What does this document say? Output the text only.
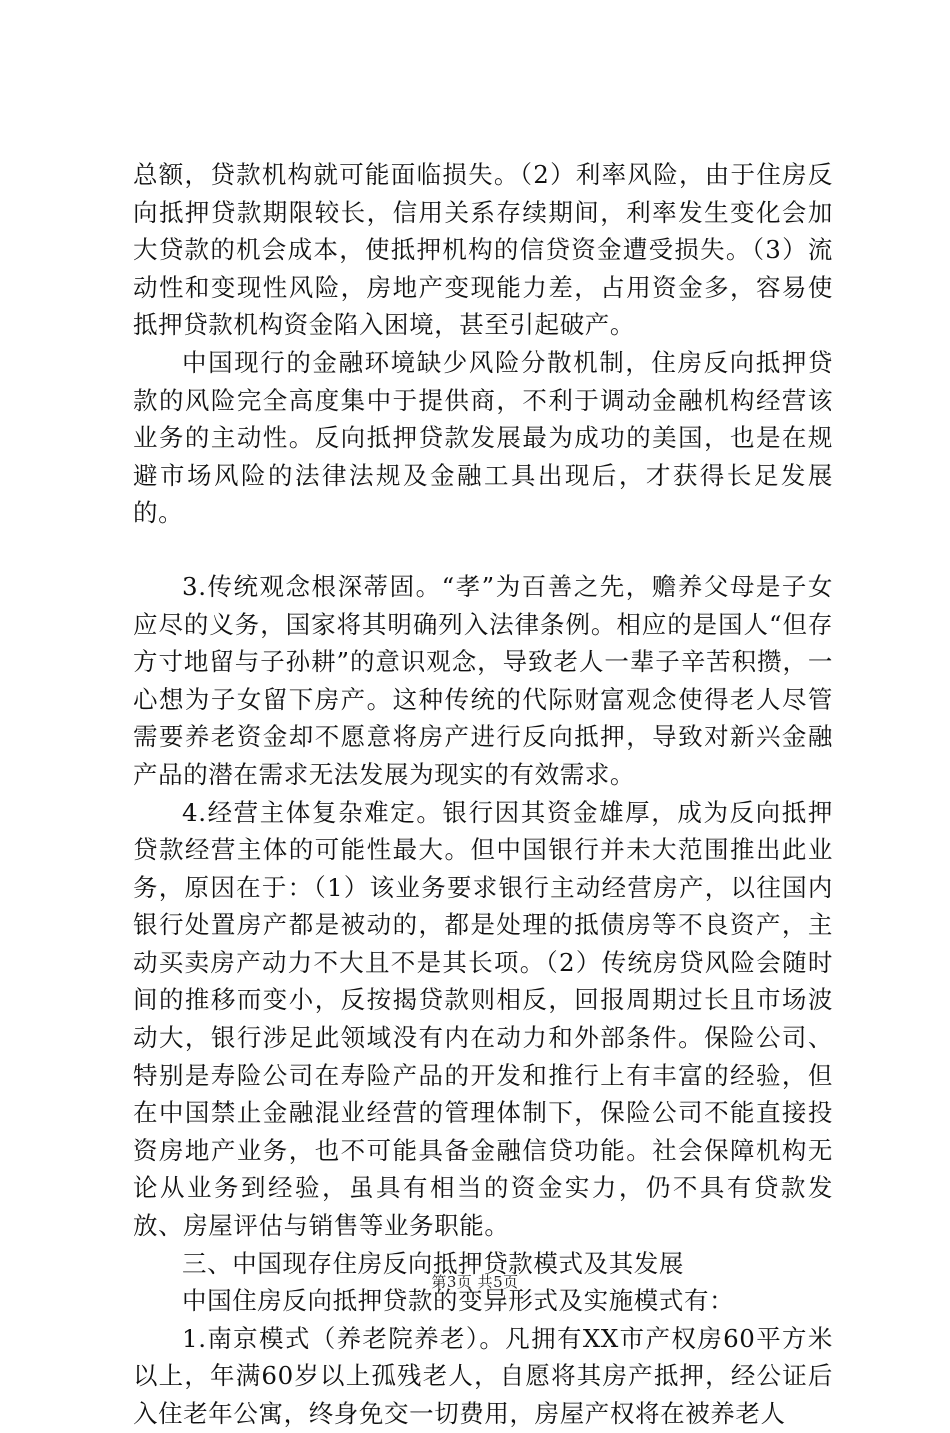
总额，贷款机构就可能面临损失。（2）利率风险，由于住房反向抵押贷款期限较长，信用关系存续期间，利率发生变化会加大贷款的机会成本，使抵押机构的信贷资金遭受损失。（3）流动性和变现性风险，房地产变现能力差，占用资金多，容易使抵押贷款机构资金陷入困境，甚至引起破产。

中国现行的金融环境缺少风险分散机制，住房反向抵押贷款的风险完全高度集中于提供商，不利于调动金融机构经营该业务的主动性。反向抵押贷款发展最为成功的美国，也是在规避市场风险的法律法规及金融工具出现后，才获得长足发展的。

3.传统观念根深蒂固。“孝”为百善之先，赡养父母是子女应尽的义务，国家将其明确列入法律条例。相应的是国人“但存方寸地留与子孙耕”的意识观念，导致老人一辈子辛苦积攒，一心想为子女留下房产。这种传统的代际财富观念使得老人尽管需要养老资金却不愿意将房产进行反向抵押，导致对新兴金融产品的潜在需求无法发展为现实的有效需求。

4.经营主体复杂难定。银行因其资金雄厚，成为反向抵押贷款经营主体的可能性最大。但中国银行并未大范围推出此业务，原因在于：（1）该业务要求银行主动经营房产，以往国内银行处置房产都是被动的，都是处理的抵债房等不良资产，主动买卖房产动力不大且不是其长项。（2）传统房贷风险会随时间的推移而变小，反按揭贷款则相反，回报周期过长且市场波动大，银行涉足此领域没有内在动力和外部条件。保险公司、特别是寿险公司在寿险产品的开发和推行上有丰富的经验，但在中国禁止金融混业经营的管理体制下，保险公司不能直接投资房地产业务，也不可能具备金融信贷功能。社会保障机构无论从业务到经验，虽具有相当的资金实力，仍不具有贷款发放、房屋评估与销售等业务职能。

三、中国现存住房反向抵押贷款模式及其发展

中国住房反向抵押贷款的变异形式及实施模式有：

1.南京模式（养老院养老）。凡拥有XX市产权房60平方米以上，年满60岁以上孤残老人，自愿将其房产抵押，经公证后入住老年公寓，终身免交一切费用，房屋产权将在被养老人

第3页 共5页
